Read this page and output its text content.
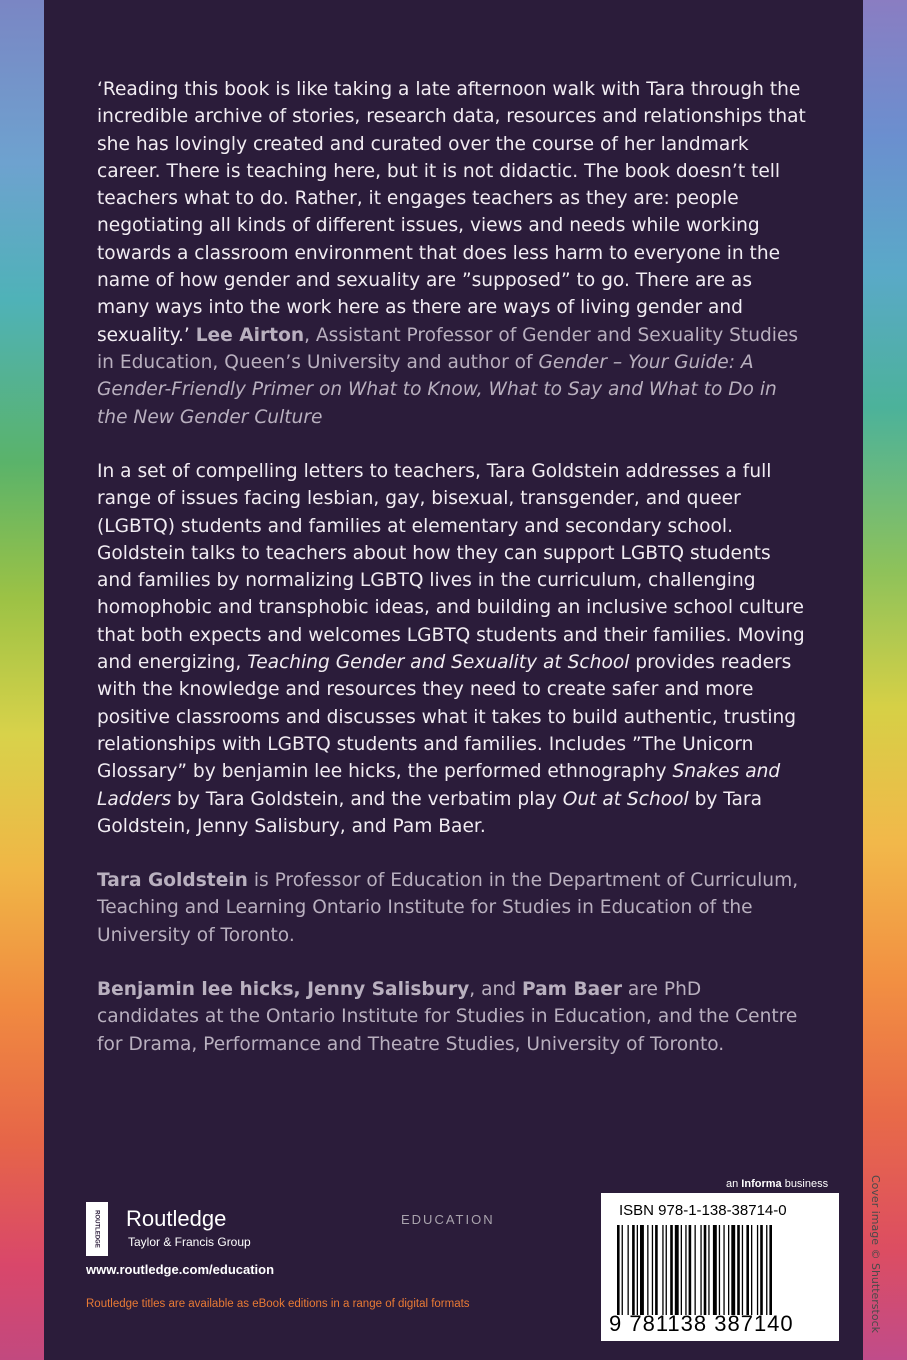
‘Reading this book is like taking a late afternoon walk with Tara through the incredible archive of stories, research data, resources and relationships that she has lovingly created and curated over the course of her landmark career. There is teaching here, but it is not didactic. The book doesn’t tell teachers what to do. Rather, it engages teachers as they are: people negotiating all kinds of different issues, views and needs while working towards a classroom environment that does less harm to everyone in the name of how gender and sexuality are ”supposed” to go. There are as many ways into the work here as there are ways of living gender and sexuality.’ Lee Airton, Assistant Professor of Gender and Sexuality Studies in Education, Queen’s University and author of Gender – Your Guide: A Gender-Friendly Primer on What to Know, What to Say and What to Do in the New Gender Culture

In a set of compelling letters to teachers, Tara Goldstein addresses a full range of issues facing lesbian, gay, bisexual, transgender, and queer (LGBTQ) students and families at elementary and secondary school. Goldstein talks to teachers about how they can support LGBTQ students and families by normalizing LGBTQ lives in the curriculum, challenging homophobic and transphobic ideas, and building an inclusive school culture that both expects and welcomes LGBTQ students and their families. Moving and energizing, Teaching Gender and Sexuality at School provides readers with the knowledge and resources they need to create safer and more positive classrooms and discusses what it takes to build authentic, trusting relationships with LGBTQ students and families. Includes ”The Unicorn Glossary” by benjamin lee hicks, the performed ethnography Snakes and Ladders by Tara Goldstein, and the verbatim play Out at School by Tara Goldstein, Jenny Salisbury, and Pam Baer.

Tara Goldstein is Professor of Education in the Department of Curriculum, Teaching and Learning Ontario Institute for Studies in Education of the University of Toronto.

Benjamin lee hicks, Jenny Salisbury, and Pam Baer are PhD candidates at the Ontario Institute for Studies in Education, and the Centre for Drama, Performance and Theatre Studies, University of Toronto.

Cover image © Shutterstock
ROUTLEDGE Routledge
Taylor & Francis Group
www.routledge.com/education
Routledge titles are available as eBook editions in a range of digital formats
EDUCATION
an Informa business
ISBN 978-1-138-38714-0
9 781138 387140
